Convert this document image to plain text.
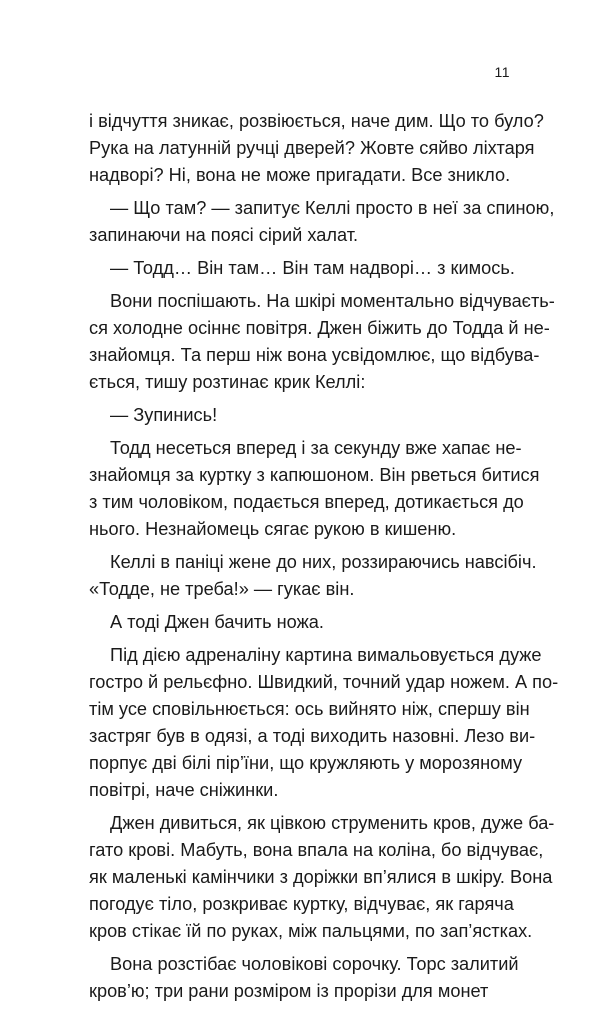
11
і відчуття зникає, розвіюється, наче дим. Що то було?
Рука на латунній ручці дверей? Жовте сяйво ліхтаря
надворі? Ні, вона не може пригадати. Все зникло.
— Що там? — запитує Келлі просто в неї за спиною,
запинаючи на поясі сірий халат.
— Тодд… Він там… Він там надворі… з кимось.
Вони поспішають. На шкірі моментально відчуваєть-
ся холодне осіннє повітря. Джен біжить до Тодда й не-
знайомця. Та перш ніж вона усвідомлює, що відбува-
ється, тишу розтинає крик Келлі:
— Зупинись!
Тодд несеться вперед і за секунду вже хапає не-
знайомця за куртку з капюшоном. Він рветься битися
з тим чоловіком, подається вперед, дотикається до
нього. Незнайомець сягає рукою в кишеню.
Келлі в паніці жене до них, роззираючись навсібіч.
«Тодде, не треба!» — гукає він.
А тоді Джен бачить ножа.
Під дією адреналіну картина вимальовується дуже
гостро й рельєфно. Швидкий, точний удар ножем. А по-
тім усе сповільнюється: ось вийнято ніж, спершу він
застряг був в одязі, а тоді виходить назовні. Лезо ви-
порпує дві білі пір’їни, що кружляють у морозяному
повітрі, наче сніжинки.
Джен дивиться, як цівкою струменить кров, дуже ба-
гато крові. Мабуть, вона впала на коліна, бо відчуває,
як маленькі камінчики з доріжки вп’ялися в шкіру. Вона
погодує тіло, розкриває куртку, відчуває, як гаряча
кров стікає їй по руках, між пальцями, по зап’ястках.
Вона розстібає чоловікові сорочку. Торс залитий
кров’ю; три рани розміром із прорізи для монет
